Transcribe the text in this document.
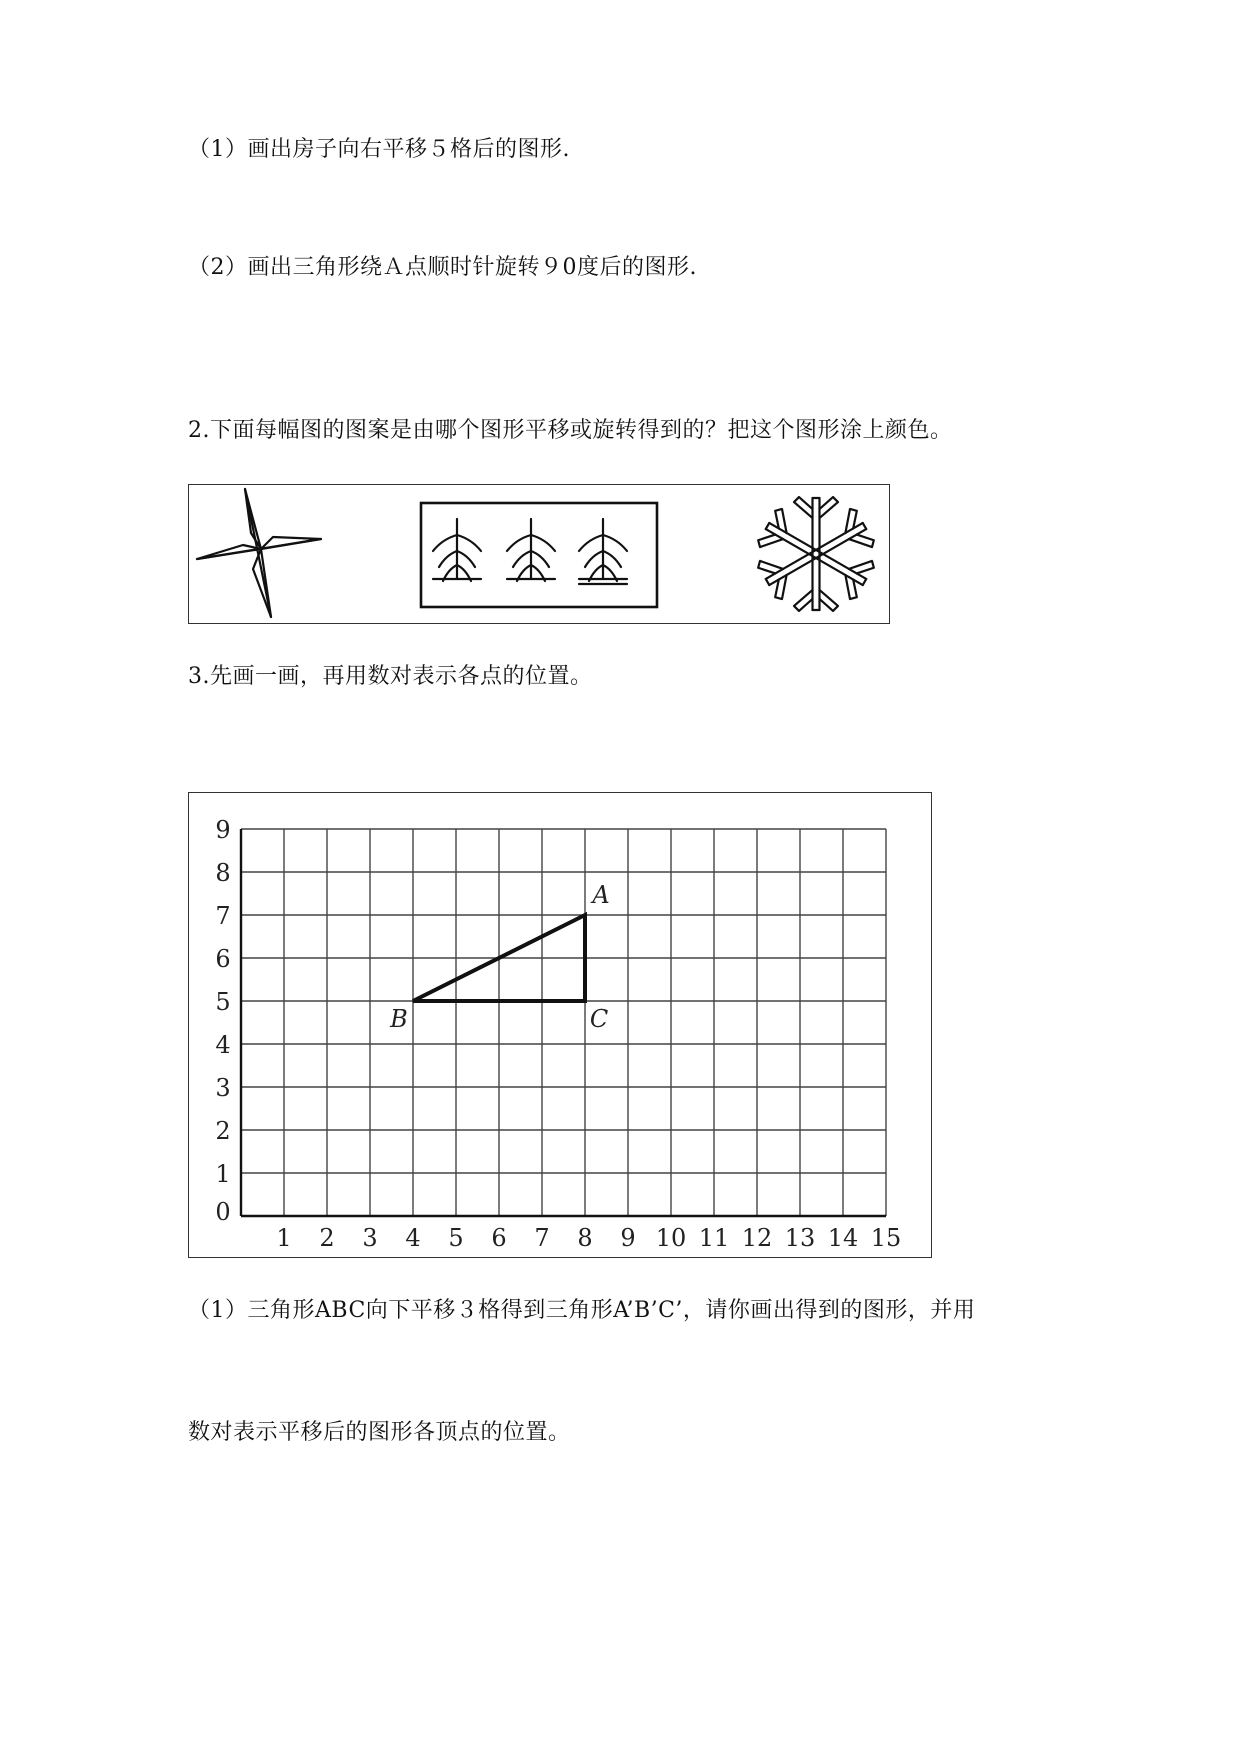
（1）画出房子向右平移５格后的图形.
（2）画出三角形绕Ａ点顺时针旋转９0度后的图形.
2.下面每幅图的图案是由哪个图形平移或旋转得到的？把这个图形涂上颜色。
3.先画一画，再用数对表示各点的位置。
1 2 3 4 5 6 7 8 9 10 11 12 13 14 15
0
1
2
3
4
5
6
7
8
9
A
B	C
（1）三角形ABC向下平移３格得到三角形A’B’C’，请你画出得到的图形，并用
数对表示平移后的图形各顶点的位置。
